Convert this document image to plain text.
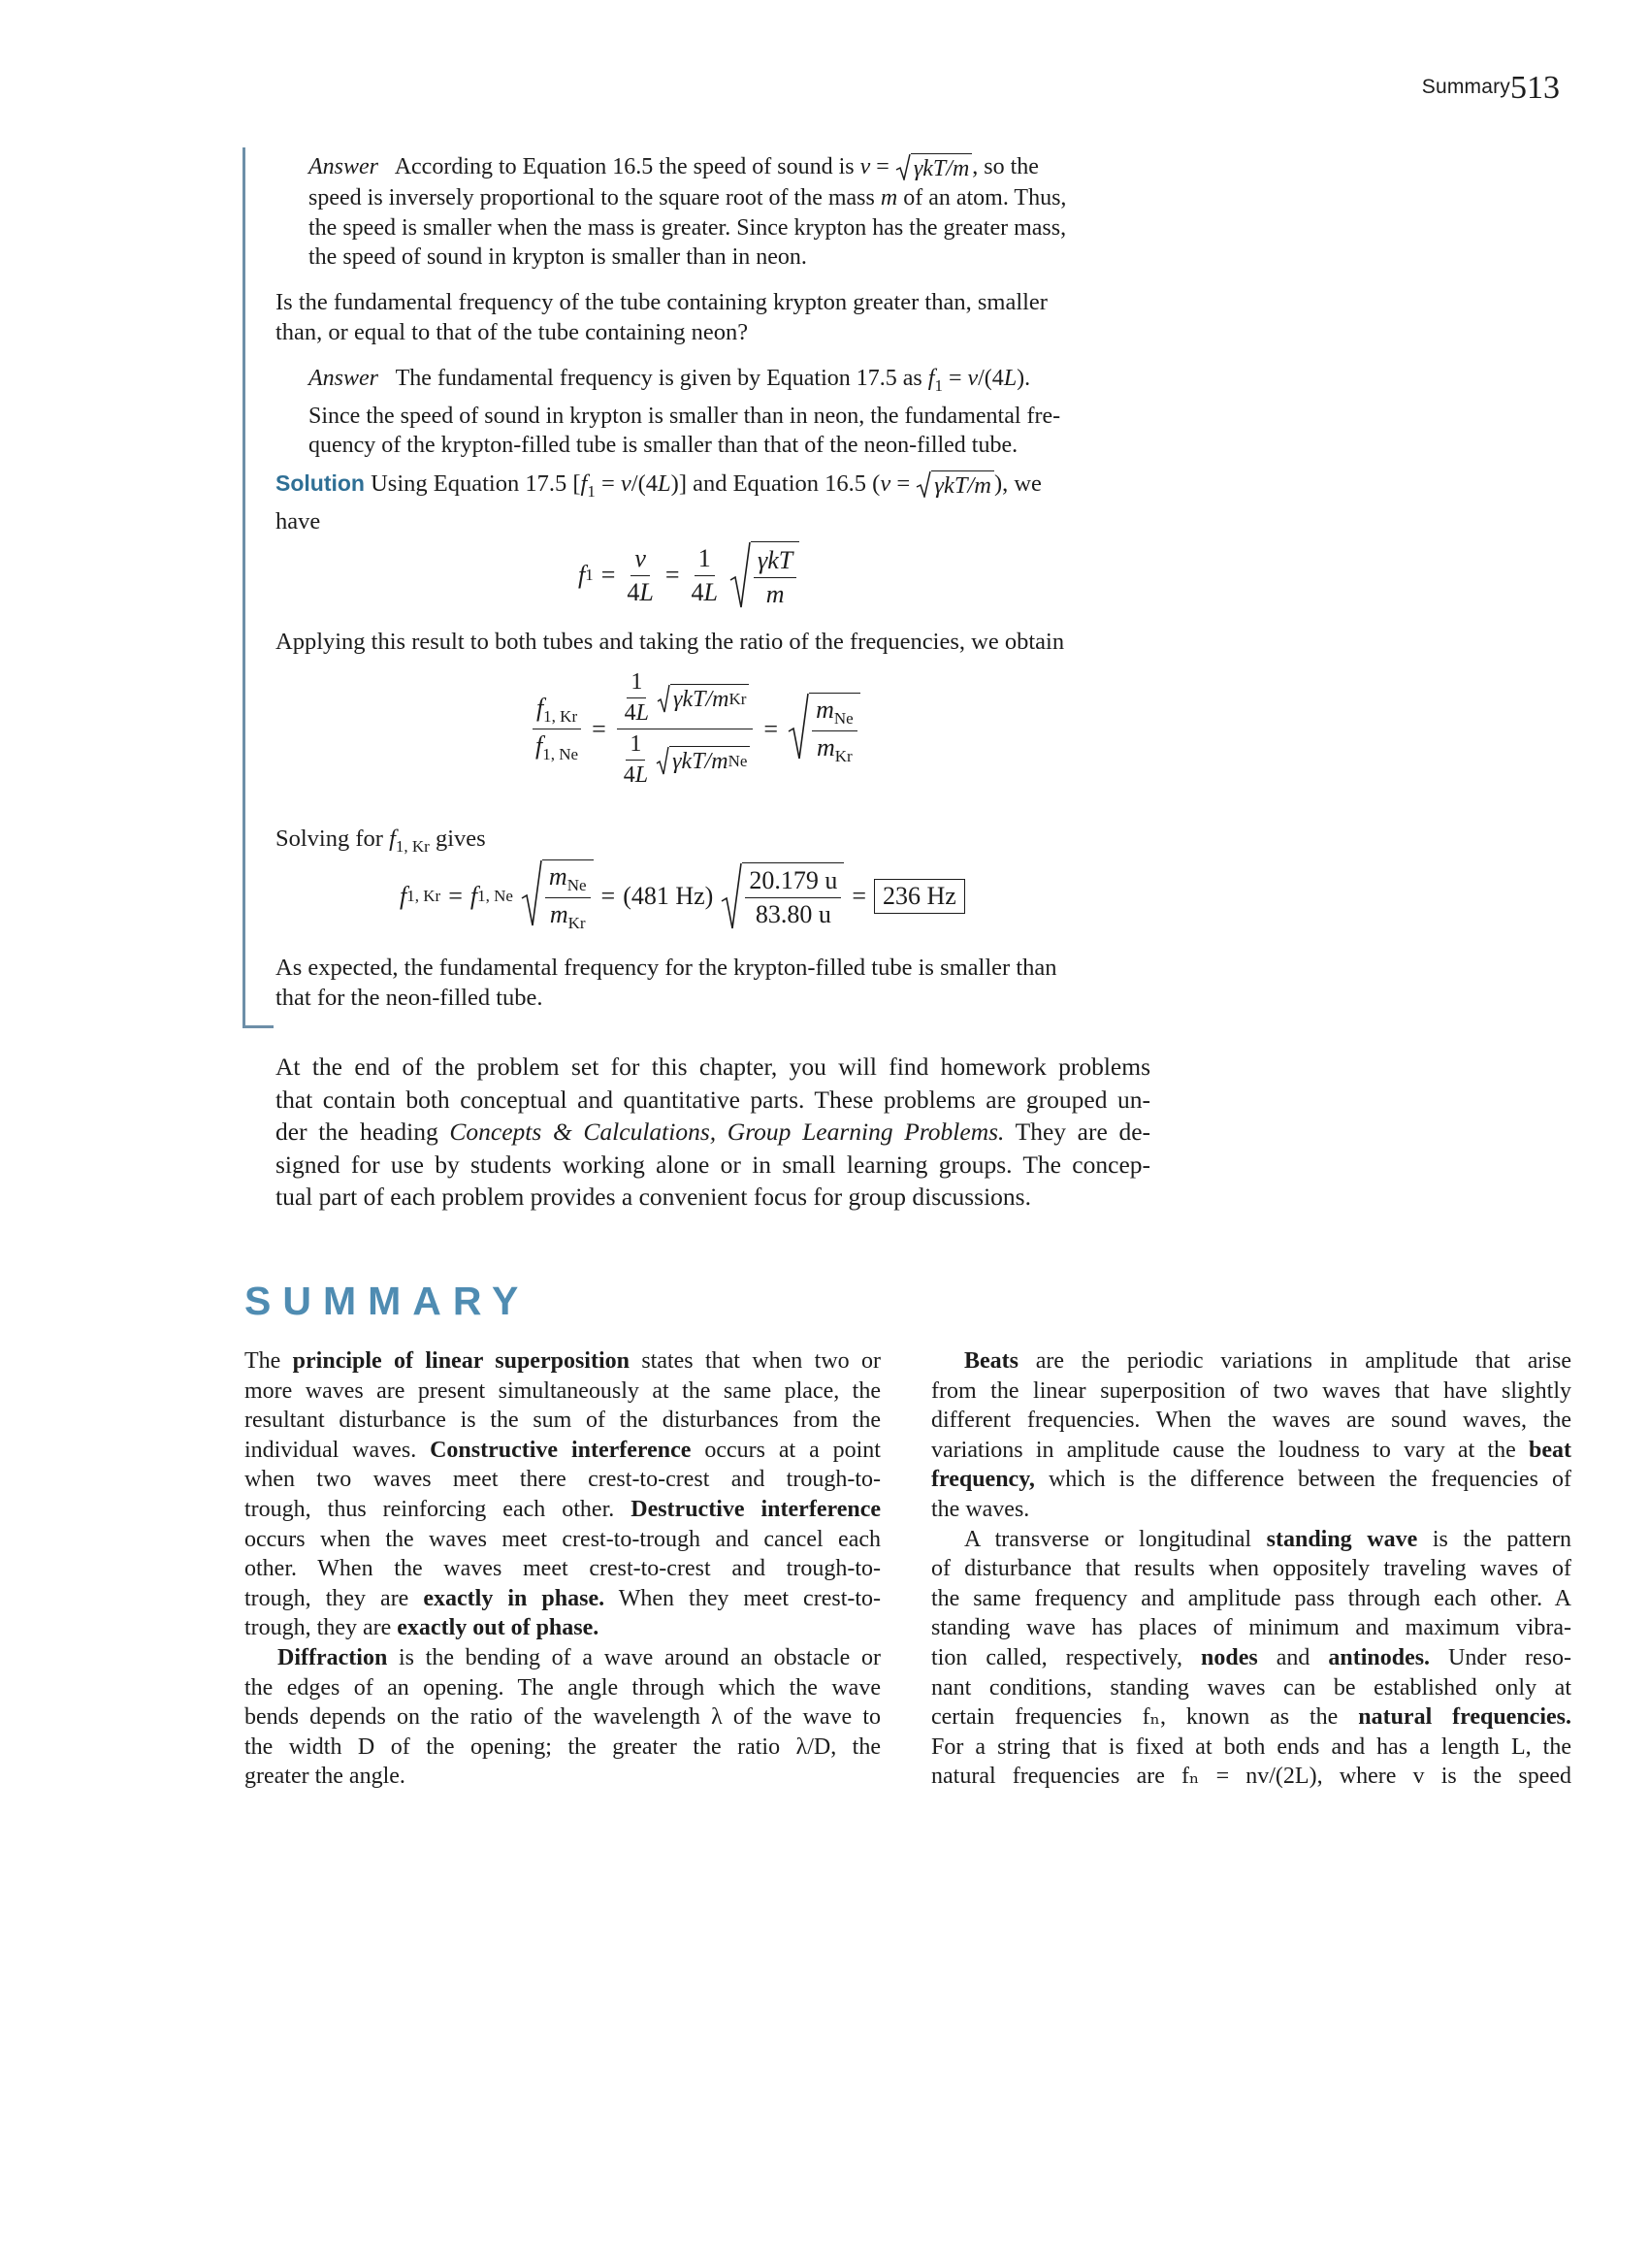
Summary 513
Answer According to Equation 16.5 the speed of sound is v = γkT/m , so the
speed is inversely proportional to the square root of the mass m of an atom. Thus,
the speed is smaller when the mass is greater. Since krypton has the greater mass,
the speed of sound in krypton is smaller than in neon.
Is the fundamental frequency of the tube containing krypton greater than, smaller
than, or equal to that of the tube containing neon?
Answer The fundamental frequency is given by Equation 17.5 as $f_1 = v/(4L)$.
Since the speed of sound in krypton is smaller than in neon, the fundamental fre-
quency of the krypton-filled tube is smaller than that of the neon-filled tube.
Solution Using Equation 17.5 $[f_1 = v/(4L)]$ and Equation 16.5 (v = γkT/m ), we
have
f $1 = \frac{v}{4L} = \frac{1}{4L} \frac{\text{γkT}}{m}$
Applying this result to both tubes and taking the ratio of the frequencies, we obtain
$\frac{f_{1, Kr}}{f_{1, Ne}} = \frac{\frac{1}{4L} \gamma kT/m Kr}{\frac{1}{4L} \gamma kT/m Ne} = \frac{m_{Ne}}{m_{Kr}}$
Solving for $f_{1, Kr}$ gives
f 1, Kr = f 1, Ne $\frac{m_{Ne}}{m_{Kr}} = (481$ $Hz) \frac{20.179 u}{83.80 u} = 236$ Hz
As expected, the fundamental frequency for the krypton-filled tube is smaller than
that for the neon-filled tube.
At the end of the problem set for this chapter, you will find homework problems
that contain both conceptual and quantitative parts. These problems are grouped un-
der the heading Concepts & Calculations, Group Learning Problems. They are de-
signed for use by students working alone or in small learning groups. The concep-
tual part of each problem provides a convenient focus for group discussions.
SUMMARY
The principle of linear superposition states that when two or
more waves are present simultaneously at the same place, the
resultant disturbance is the sum of the disturbances from the
individual waves. Constructive interference occurs at a point
when two waves meet there crest-to-crest and trough-to-
trough, thus reinforcing each other. Destructive interference
occurs when the waves meet crest-to-trough and cancel each
other. When the waves meet crest-to-crest and trough-to-
trough, they are exactly in phase. When they meet crest-to-
trough, they are exactly out of phase.
Diffraction is the bending of a wave around an obstacle or
the edges of an opening. The angle through which the wave
bends depends on the ratio of the wavelength λ of the wave to
the width D of the opening; the greater the ratio λ/D, the
greater the angle.
Beats are the periodic variations in amplitude that arise
from the linear superposition of two waves that have slightly
different frequencies. When the waves are sound waves, the
variations in amplitude cause the loudness to vary at the beat
frequency, which is the difference between the frequencies of
the waves.
A transverse or longitudinal standing wave is the pattern
of disturbance that results when oppositely traveling waves of
the same frequency and amplitude pass through each other. A
standing wave has places of minimum and maximum vibra-
tion called, respectively, nodes and antinodes. Under reso-
nant conditions, standing waves can be established only at
certain frequencies fₙ, known as the natural frequencies.
For a string that is fixed at both ends and has a length L, the
natural frequencies are fₙ = nv/(2L), where v is the speed
